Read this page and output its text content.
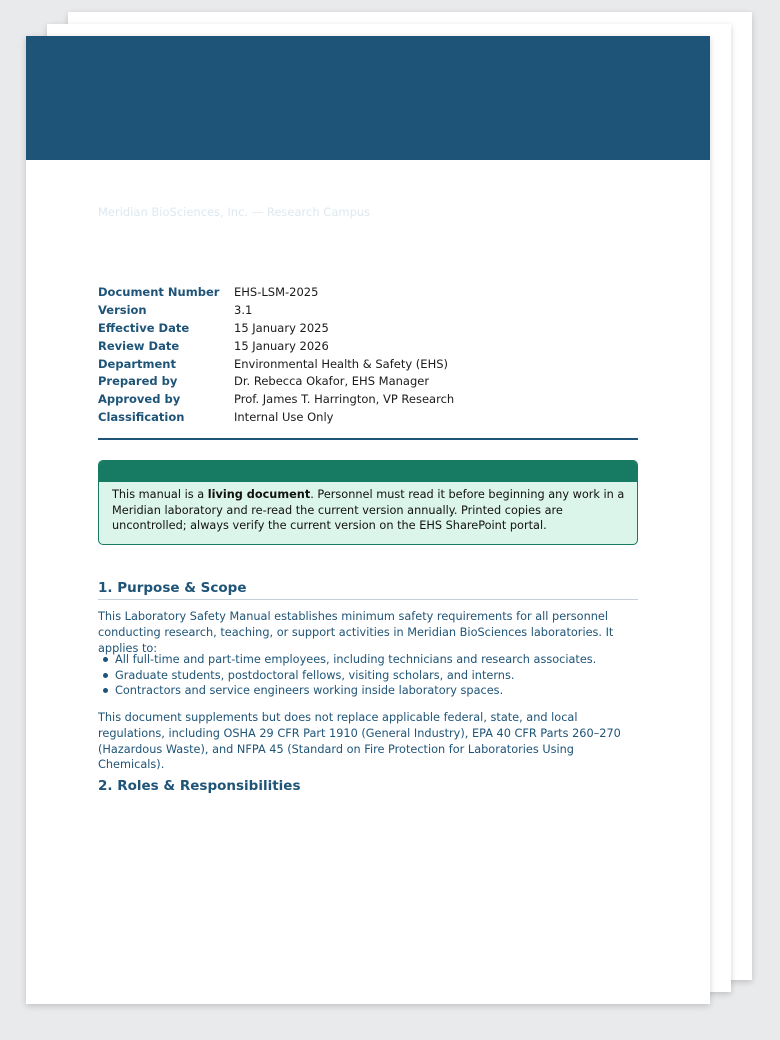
Meridian BioSciences, Inc. — Research Campus
Document Number	EHS-LSM-2025
Version	3.1
Effective Date	15 January 2025
Review Date	15 January 2026
Department	Environmental Health & Safety (EHS)
Prepared by	Dr. Rebecca Okafor, EHS Manager
Approved by	Prof. James T. Harrington, VP Research
Classification	Internal Use Only
This manual is a living document. Personnel must read it before beginning any work in a Meridian laboratory and re-read the current version annually. Printed copies are uncontrolled; always verify the current version on the EHS SharePoint portal.
1. Purpose & Scope
This Laboratory Safety Manual establishes minimum safety requirements for all personnel conducting research, teaching, or support activities in Meridian BioSciences laboratories. It applies to:
All full-time and part-time employees, including technicians and research associates.
Graduate students, postdoctoral fellows, visiting scholars, and interns.
Contractors and service engineers working inside laboratory spaces.
This document supplements but does not replace applicable federal, state, and local regulations, including OSHA 29 CFR Part 1910 (General Industry), EPA 40 CFR Parts 260–270 (Hazardous Waste), and NFPA 45 (Standard on Fire Protection for Laboratories Using Chemicals).
2. Roles & Responsibilities
